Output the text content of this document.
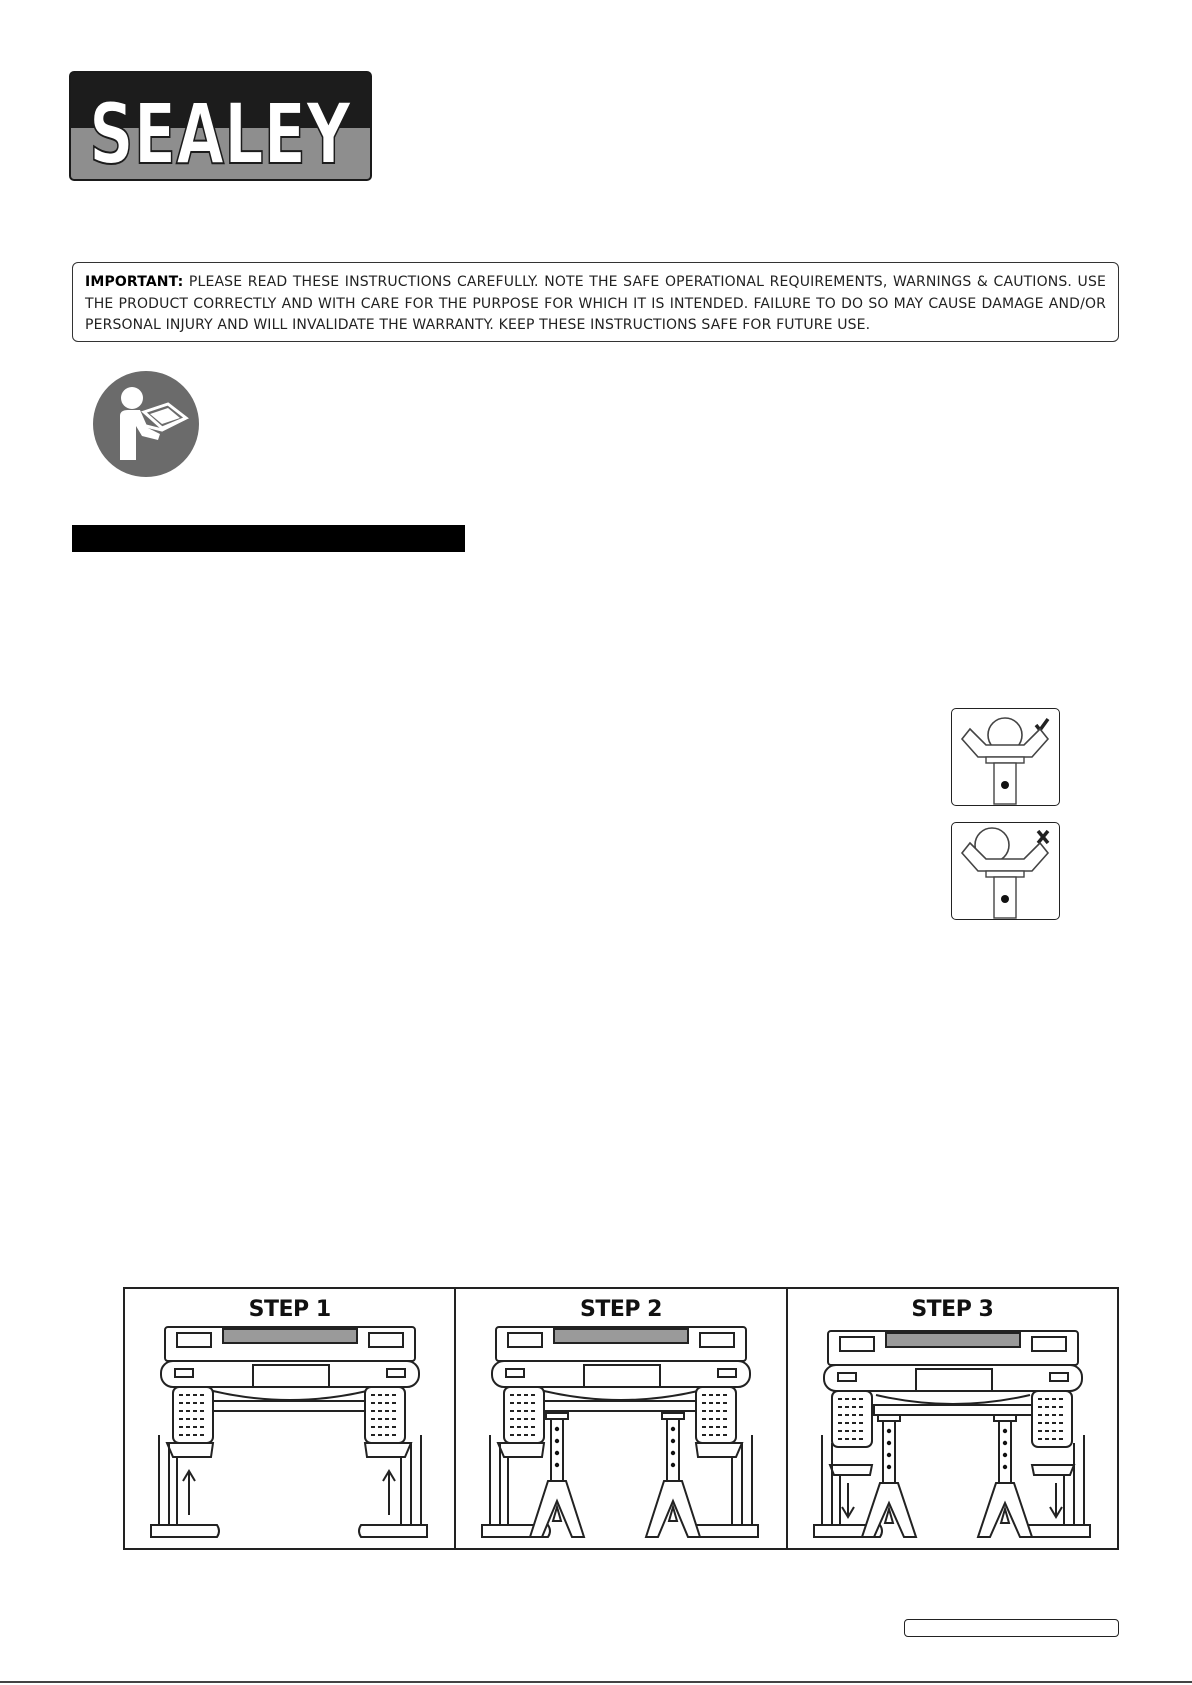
SEALEY
IMPORTANT: PLEASE READ THESE INSTRUCTIONS CAREFULLY. NOTE THE SAFE OPERATIONAL REQUIREMENTS, WARNINGS & CAUTIONS. USE THE PRODUCT CORRECTLY AND WITH CARE FOR THE PURPOSE FOR WHICH IT IS INTENDED. FAILURE TO DO SO MAY CAUSE DAMAGE AND/OR PERSONAL INJURY AND WILL INVALIDATE THE WARRANTY. KEEP THESE INSTRUCTIONS SAFE FOR FUTURE USE.
STEP 1	STEP 2	STEP 3
